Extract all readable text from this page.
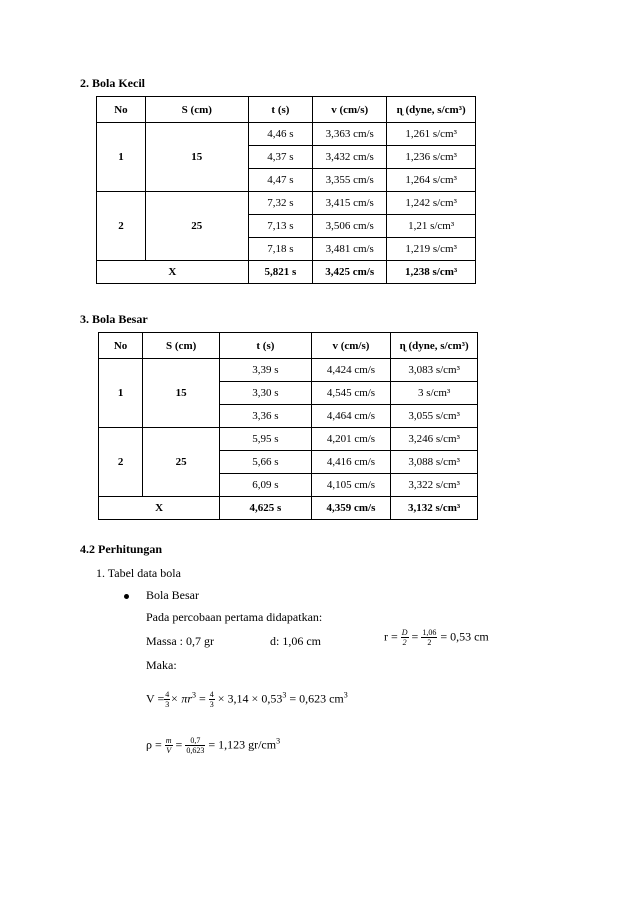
2. Bola Kecil
No	S (cm)	t (s)	v (cm/s)	ɳ (dyne, s/cm³)
1	15	4,46 s	3,363 cm/s	1,261 s/cm³
		4,37 s	3,432 cm/s	1,236 s/cm³
		4,47 s	3,355 cm/s	1,264 s/cm³
2	25	7,32 s	3,415 cm/s	1,242 s/cm³
		7,13 s	3,506 cm/s	1,21 s/cm³
		7,18 s	3,481 cm/s	1,219 s/cm³
X		5,821 s	3,425 cm/s	1,238 s/cm³
3. Bola Besar
No	S (cm)	t (s)	v (cm/s)	ɳ (dyne, s/cm³)
1	15	3,39 s	4,424 cm/s	3,083 s/cm³
		3,30 s	4,545 cm/s	3 s/cm³
		3,36 s	4,464 cm/s	3,055 s/cm³
2	25	5,95 s	4,201 cm/s	3,246 s/cm³
		5,66 s	4,416 cm/s	3,088 s/cm³
		6,09 s	4,105 cm/s	3,322 s/cm³
X		4,625 s	4,359 cm/s	3,132 s/cm³
4.2 Perhitungan
1. Tabel data bola
Bola Besar
Pada percobaan pertama didapatkan:
Massa : 0,7 gr	d: 1,06 cm	$r = \frac{D}{2} = \frac{1,06}{2} = 0,53$ cm
Maka:
$V = \frac{4}{3} \times \pi r^3 = \frac{4}{3} \times 3,14 \times 0,53^3 = 0,623$ $cm^3$
$\rho = \frac{m}{V} = \frac{0,7}{0,623} = 1,123$ $gr/cm^3$
